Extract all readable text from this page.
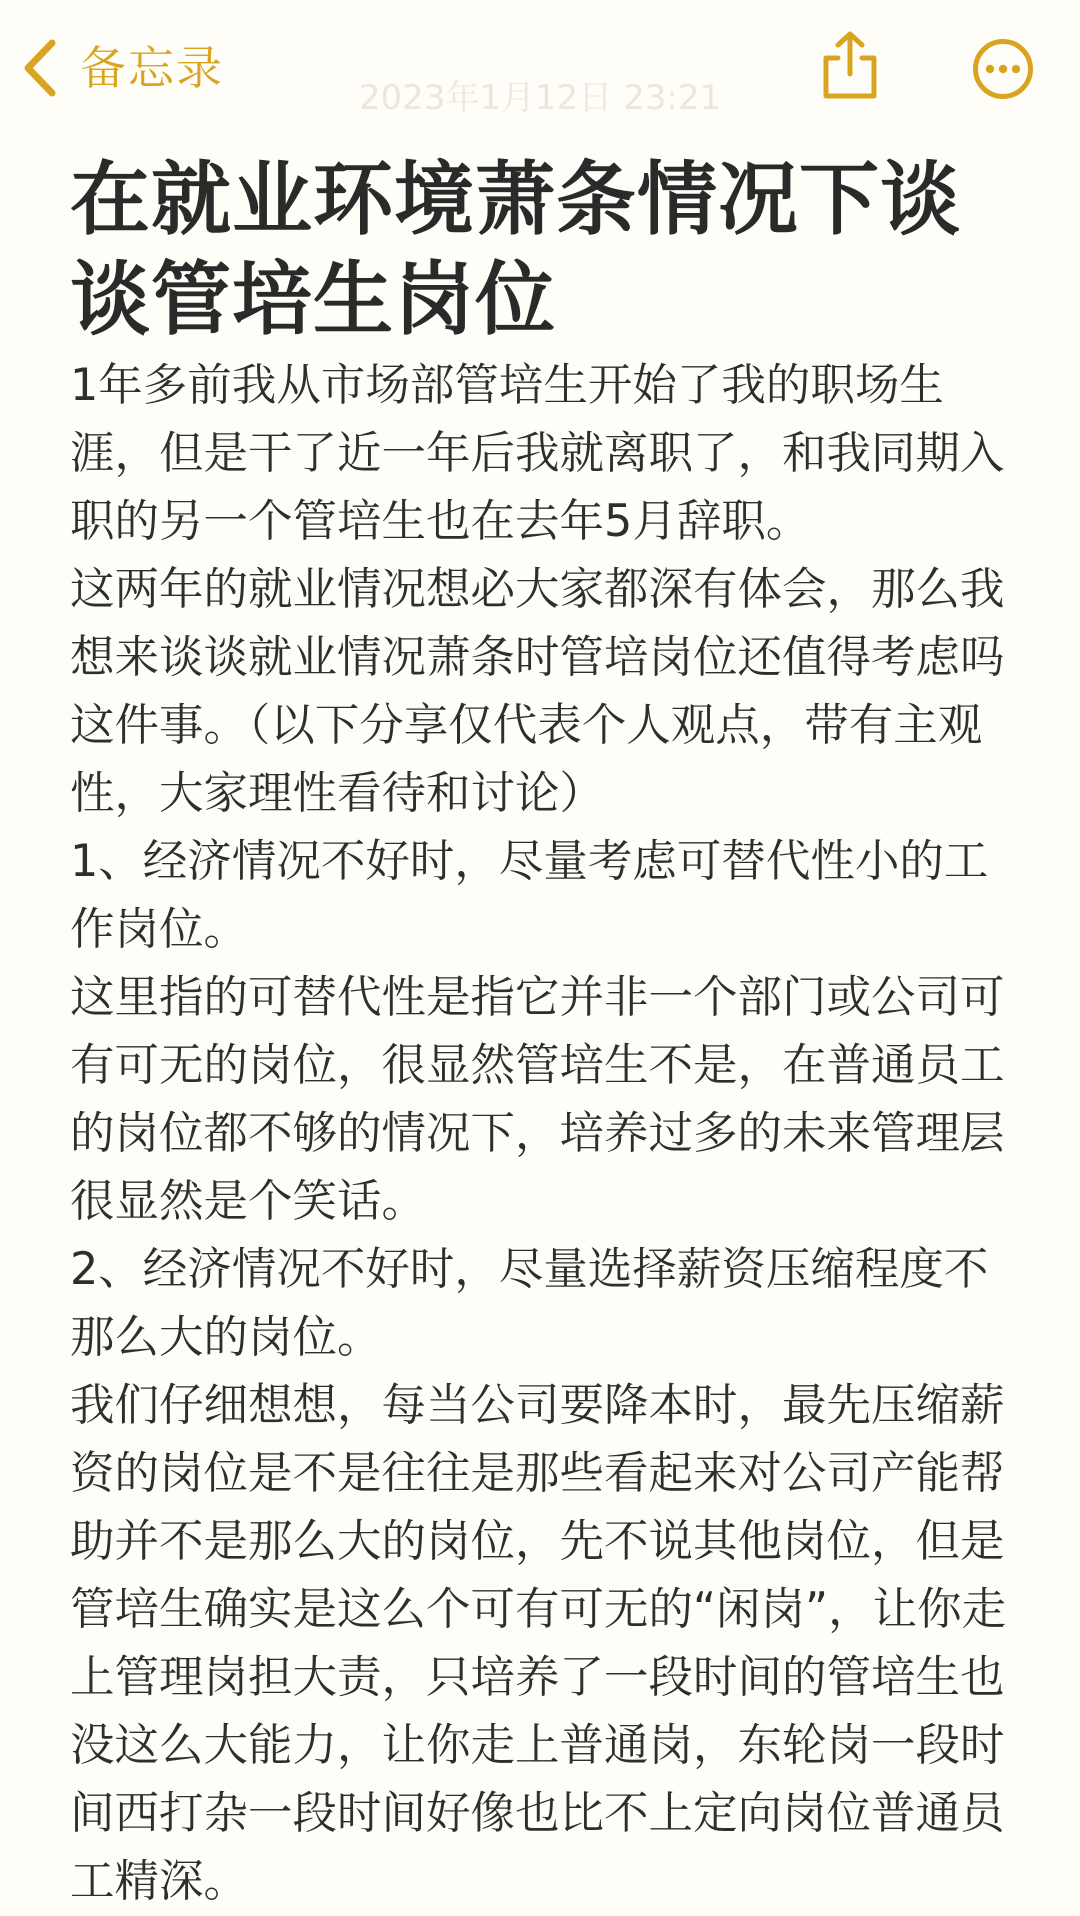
备忘录
2023年1月12日 23:21
在就业环境萧条情况下谈谈管培生岗位

1年多前我从市场部管培生开始了我的职场生涯，但是干了近一年后我就离职了，和我同期入职的另一个管培生也在去年5月辞职。

这两年的就业情况想必大家都深有体会，那么我想来谈谈就业情况萧条时管培岗位还值得考虑吗这件事。（以下分享仅代表个人观点，带有主观性，大家理性看待和讨论）

1、经济情况不好时，尽量考虑可替代性小的工作岗位。

这里指的可替代性是指它并非一个部门或公司可有可无的岗位，很显然管培生不是，在普通员工的岗位都不够的情况下，培养过多的未来管理层很显然是个笑话。

2、经济情况不好时，尽量选择薪资压缩程度不那么大的岗位。

我们仔细想想，每当公司要降本时，最先压缩薪资的岗位是不是往往是那些看起来对公司产能帮助并不是那么大的岗位，先不说其他岗位，但是管培生确实是这么个可有可无的“闲岗”，让你走上管理岗担大责，只培养了一段时间的管培生也没这么大能力，让你走上普通岗，东轮岗一段时间西打杂一段时间好像也比不上定向岗位普通员工精深。
